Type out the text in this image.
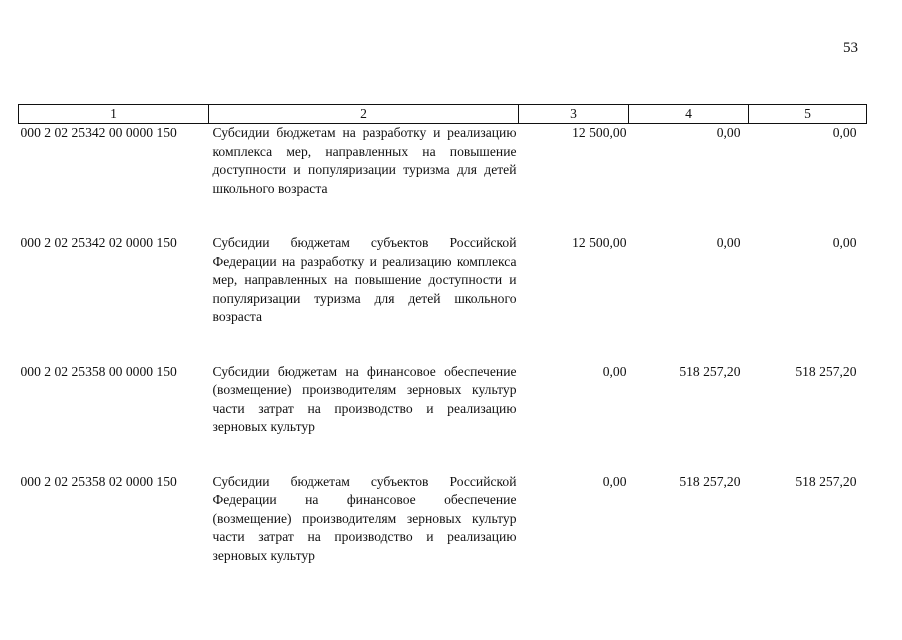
53
1	2	3	4	5
000 2 02 25342 00 0000 150	Субсидии бюджетам на разработку и реализацию комплекса мер, направленных на повышение доступности и популяризации туризма для детей школьного возраста	12 500,00	0,00	0,00
000 2 02 25342 02 0000 150	Субсидии бюджетам субъектов Российской Федерации на разработку и реализацию комплекса мер, направленных на повышение доступности и популяризации туризма для детей школьного возраста	12 500,00	0,00	0,00
000 2 02 25358 00 0000 150	Субсидии бюджетам на финансовое обеспечение (возмещение) производителям зерновых культур части затрат на производство и реализацию зерновых культур	0,00	518 257,20	518 257,20
000 2 02 25358 02 0000 150	Субсидии бюджетам субъектов Российской Федерации на финансовое обеспечение (возмещение) производителям зерновых культур части затрат на производство и реализацию зерновых культур	0,00	518 257,20	518 257,20
